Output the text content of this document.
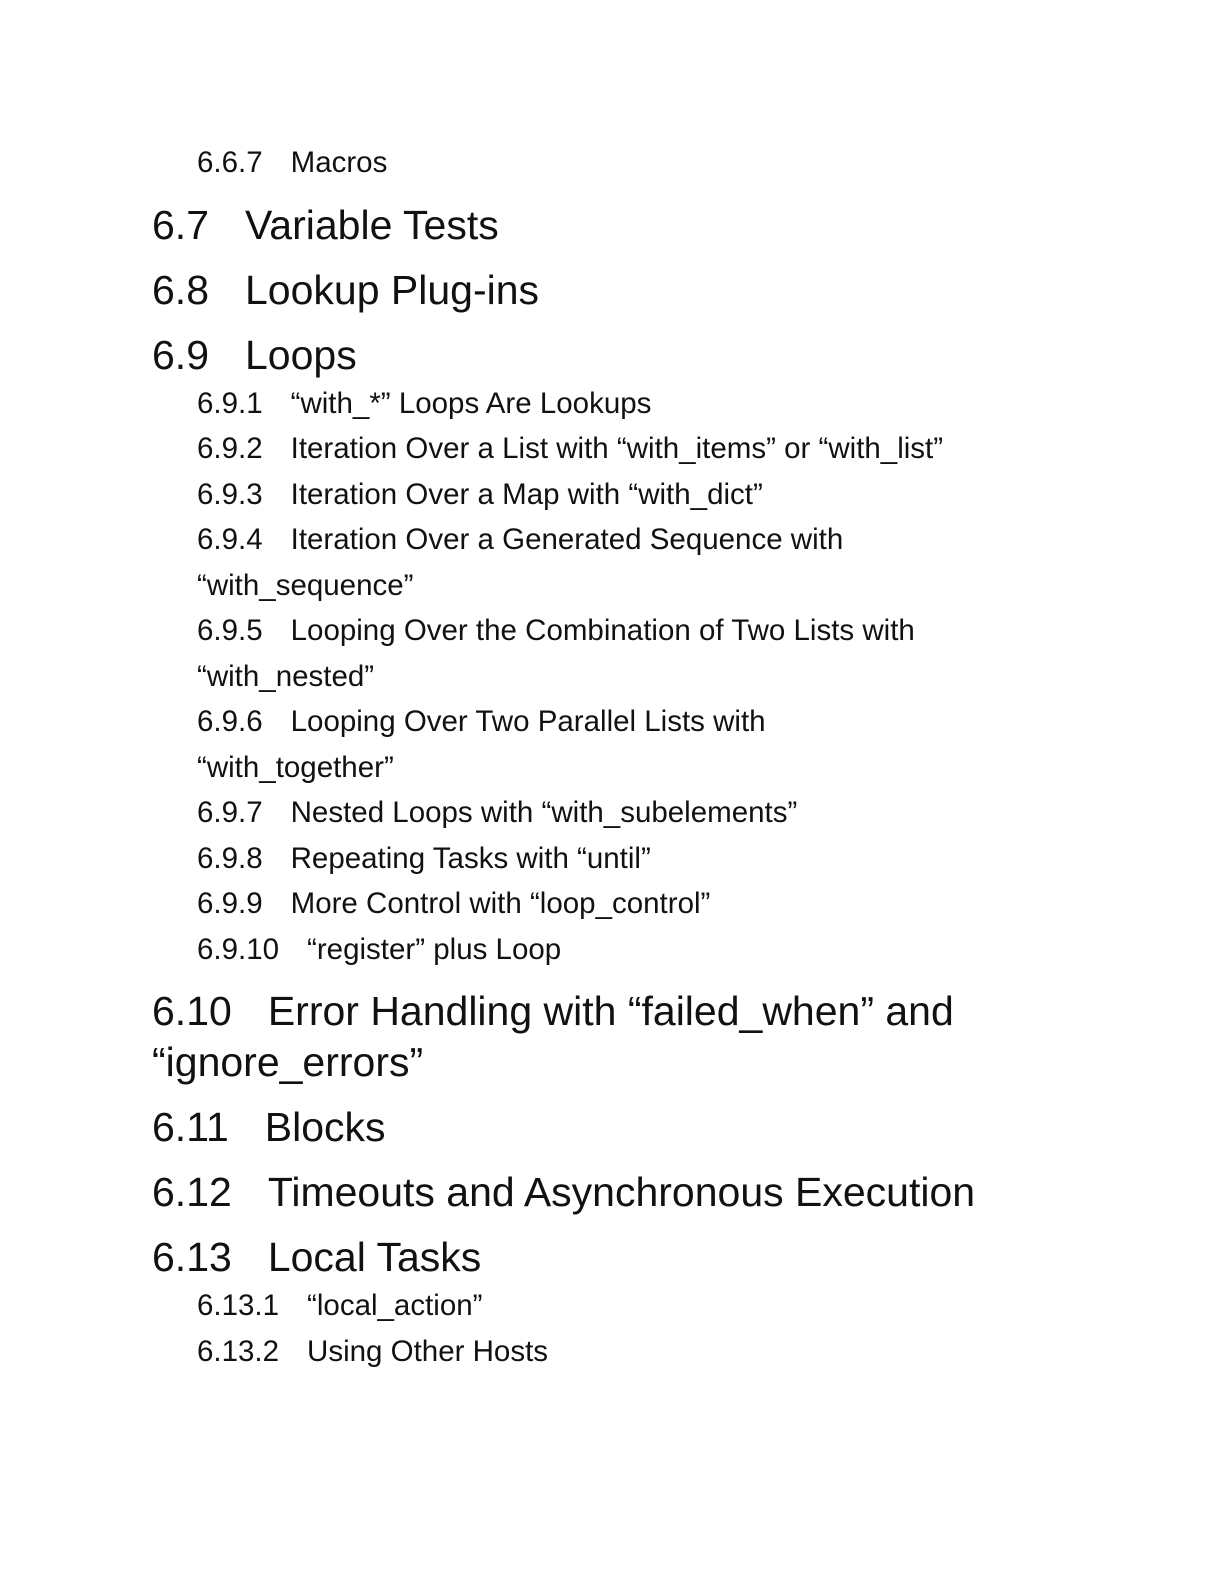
6.6.7 Macros
6.7 Variable Tests
6.8 Lookup Plug-ins
6.9 Loops
6.9.1 “with_*” Loops Are Lookups
6.9.2 Iteration Over a List with “with_items” or “with_list”
6.9.3 Iteration Over a Map with “with_dict”
6.9.4 Iteration Over a Generated Sequence with
“with_sequence”
6.9.5 Looping Over the Combination of Two Lists with
“with_nested”
6.9.6 Looping Over Two Parallel Lists with
“with_together”
6.9.7 Nested Loops with “with_subelements”
6.9.8 Repeating Tasks with “until”
6.9.9 More Control with “loop_control”
6.9.10 “register” plus Loop
6.10 Error Handling with “failed_when” and
“ignore_errors”
6.11 Blocks
6.12 Timeouts and Asynchronous Execution
6.13 Local Tasks
6.13.1 “local_action”
6.13.2 Using Other Hosts
